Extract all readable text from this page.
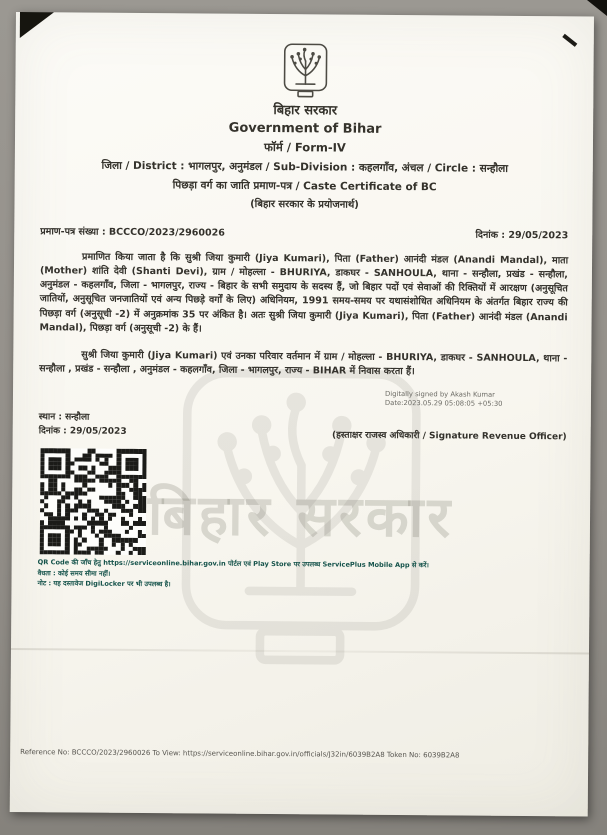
बिहार सरकार
बिहार सरकार
Government of Bihar
फॉर्म / Form-IV
जिला / District : भागलपुर, अनुमंडल / Sub-Division : कहलगाँव, अंचल / Circle : सन्हौला
पिछड़ा वर्ग का जाति प्रमाण-पत्र / Caste Certificate of BC
(बिहार सरकार के प्रयोजनार्थ)
प्रमाण-पत्र संख्या : BCCCO/2023/2960026	दिनांक : 29/05/2023

प्रमाणित किया जाता है कि सुश्री जिया कुमारी (Jiya Kumari), पिता (Father) आनंदी मंडल (Anandi Mandal), माता (Mother) शांति देवी (Shanti Devi), ग्राम / मोहल्ला - BHURIYA, डाकघर - SANHOULA, थाना - सन्हौला, प्रखंड - सन्हौला, अनुमंडल - कहलगाँव, जिला - भागलपुर, राज्य - बिहार के सभी समुदाय के सदस्य हैं, जो बिहार पदों एवं सेवाओं की रिक्तियों में आरक्षण (अनुसूचित जातियों, अनुसूचित जनजातियों एवं अन्य पिछड़े वर्गों के लिए) अधिनियम, 1991 समय-समय पर यथासंशोधित अधिनियम के अंतर्गत बिहार राज्य की पिछड़ा वर्ग (अनुसूची -2) में अनुक्रमांक 35 पर अंकित है। अतः सुश्री जिया कुमारी (Jiya Kumari), पिता (Father) आनंदी मंडल (Anandi Mandal), पिछड़ा वर्ग (अनुसूची -2) के हैं।

सुश्री जिया कुमारी (Jiya Kumari) एवं उनका परिवार वर्तमान में ग्राम / मोहल्ला - BHURIYA, डाकघर - SANHOULA, थाना - सन्हौला , प्रखंड - सन्हौला , अनुमंडल - कहलगाँव, जिला - भागलपुर, राज्य - BIHAR में निवास करता हैं।

Digitally signed by Akash Kumar
Date:2023.05.29 05:08:05 +05:30
स्थान : सन्हौला
दिनांक : 29/05/2023	(हस्ताक्षर राजस्व अधिकारी / Signature Revenue Officer)
QR Code की जाँच हेतु https://serviceonline.bihar.gov.in पोर्टल एवं Play Store पर उपलब्ध ServicePlus Mobile App से करें।
वैधता : कोई समय सीमा नहीं।
नोट : यह दस्तावेज DigiLocker पर भी उपलब्ध है।
Reference No: BCCCO/2023/2960026 To View: https://serviceonline.bihar.gov.in/officials/J32in/6039B2A8 Token No: 6039B2A8
